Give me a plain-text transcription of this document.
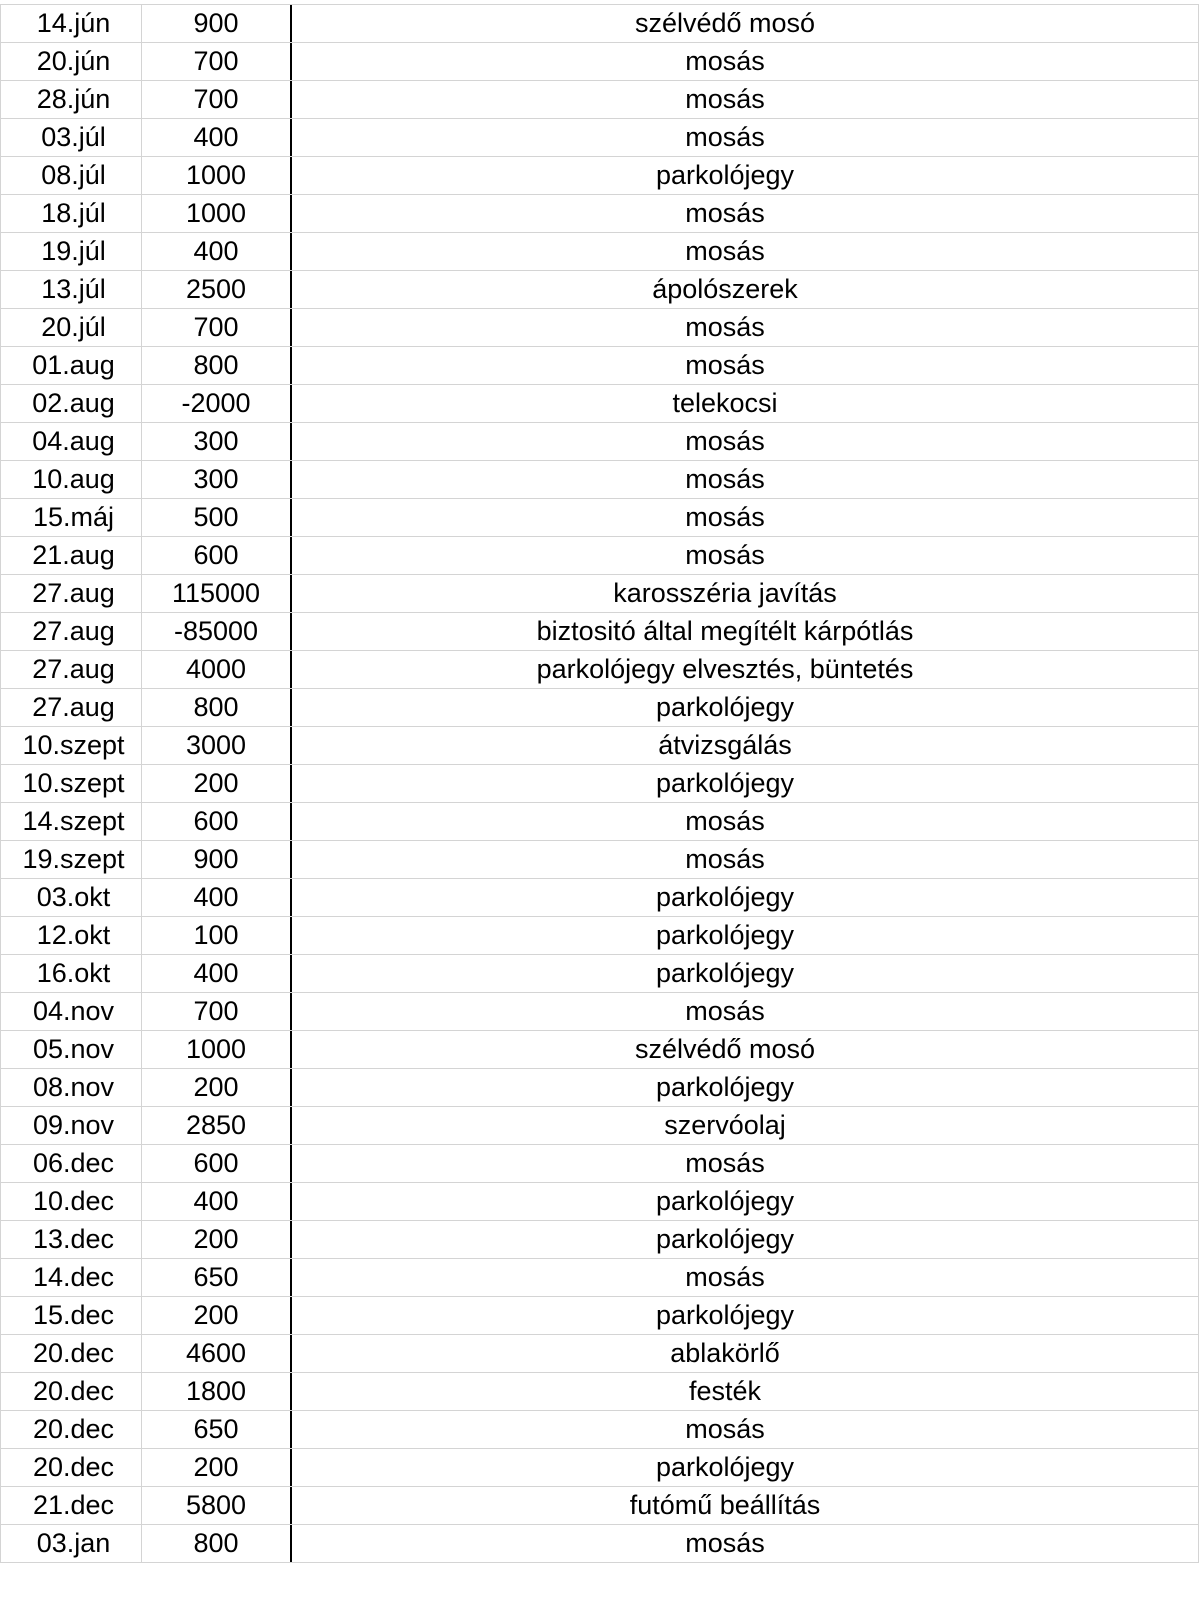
14.jún	900	szélvédő mosó
20.jún	700	mosás
28.jún	700	mosás
03.júl	400	mosás
08.júl	1000	parkolójegy
18.júl	1000	mosás
19.júl	400	mosás
13.júl	2500	ápolószerek
20.júl	700	mosás
01.aug	800	mosás
02.aug	-2000	telekocsi
04.aug	300	mosás
10.aug	300	mosás
15.máj	500	mosás
21.aug	600	mosás
27.aug	115000	karosszéria javítás
27.aug	-85000	biztositó által megítélt kárpótlás
27.aug	4000	parkolójegy elvesztés, büntetés
27.aug	800	parkolójegy
10.szept	3000	átvizsgálás
10.szept	200	parkolójegy
14.szept	600	mosás
19.szept	900	mosás
03.okt	400	parkolójegy
12.okt	100	parkolójegy
16.okt	400	parkolójegy
04.nov	700	mosás
05.nov	1000	szélvédő mosó
08.nov	200	parkolójegy
09.nov	2850	szervóolaj
06.dec	600	mosás
10.dec	400	parkolójegy
13.dec	200	parkolójegy
14.dec	650	mosás
15.dec	200	parkolójegy
20.dec	4600	ablakörlő
20.dec	1800	festék
20.dec	650	mosás
20.dec	200	parkolójegy
21.dec	5800	futómű beállítás
03.jan	800	mosás
